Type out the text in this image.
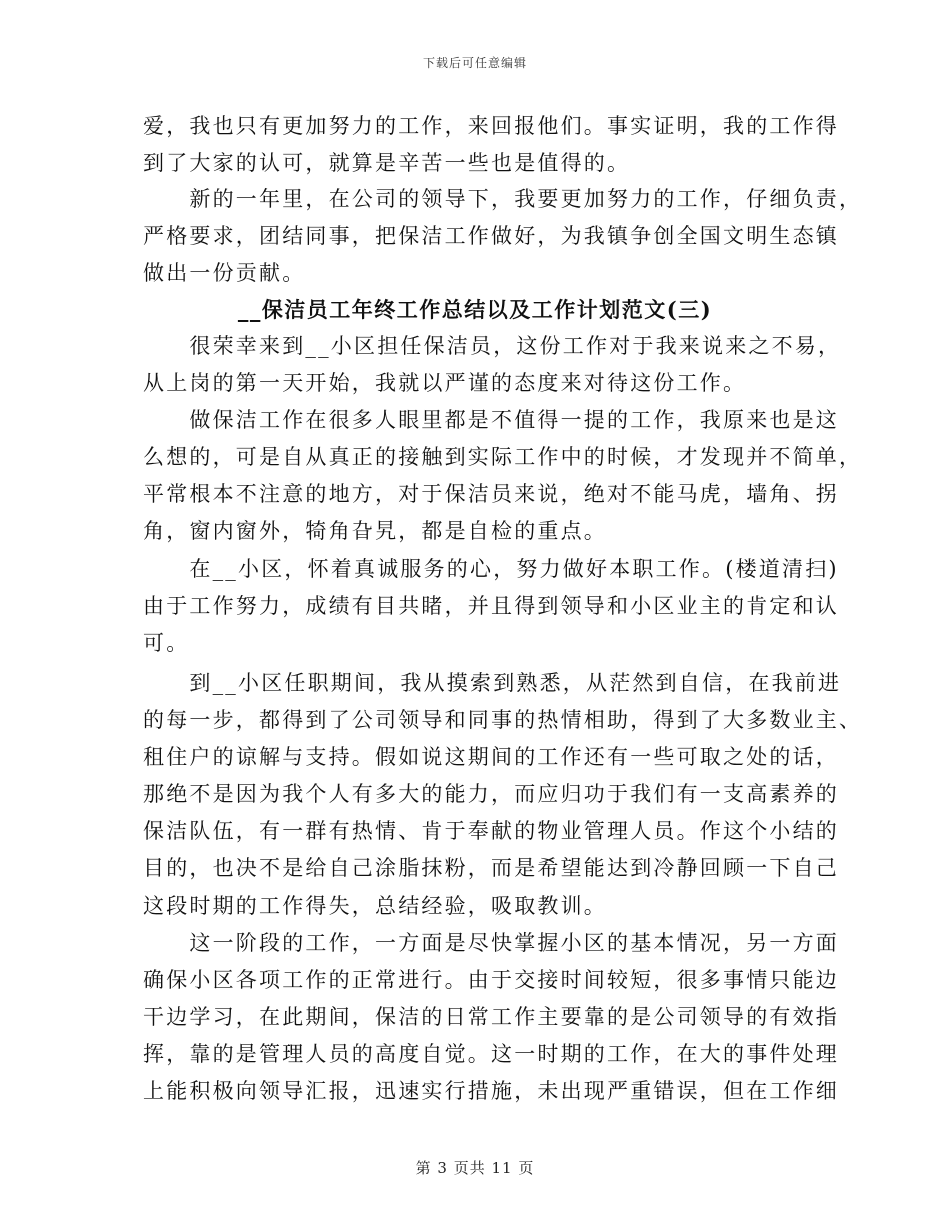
下载后可任意编辑
爱，我也只有更加努力的工作，来回报他们。事实证明，我的工作得
到了大家的认可，就算是辛苦一些也是值得的。
　　新的一年里，在公司的领导下，我要更加努力的工作，仔细负责，
严格要求，团结同事，把保洁工作做好，为我镇争创全国文明生态镇
做出一份贡献。
__保洁员工年终工作总结以及工作计划范文(三)
　　很荣幸来到__小区担任保洁员，这份工作对于我来说来之不易，
从上岗的第一天开始，我就以严谨的态度来对待这份工作。
　　做保洁工作在很多人眼里都是不值得一提的工作，我原来也是这
么想的，可是自从真正的接触到实际工作中的时候，才发现并不简单，
平常根本不注意的地方，对于保洁员来说，绝对不能马虎，墙角、拐
角，窗内窗外，犄角旮旯，都是自检的重点。
　　在__小区，怀着真诚服务的心，努力做好本职工作。(楼道清扫)
由于工作努力，成绩有目共睹，并且得到领导和小区业主的肯定和认
可。
　　到__小区任职期间，我从摸索到熟悉，从茫然到自信，在我前进
的每一步，都得到了公司领导和同事的热情相助，得到了大多数业主、
租住户的谅解与支持。假如说这期间的工作还有一些可取之处的话，
那绝不是因为我个人有多大的能力，而应归功于我们有一支高素养的
保洁队伍，有一群有热情、肯于奉献的物业管理人员。作这个小结的
目的，也决不是给自己涂脂抹粉，而是希望能达到冷静回顾一下自己
这段时期的工作得失，总结经验，吸取教训。
　　这一阶段的工作，一方面是尽快掌握小区的基本情况，另一方面
确保小区各项工作的正常进行。由于交接时间较短，很多事情只能边
干边学习，在此期间，保洁的日常工作主要靠的是公司领导的有效指
挥，靠的是管理人员的高度自觉。这一时期的工作，在大的事件处理
上能积极向领导汇报，迅速实行措施，未出现严重错误，但在工作细
第 3 页共 11 页
